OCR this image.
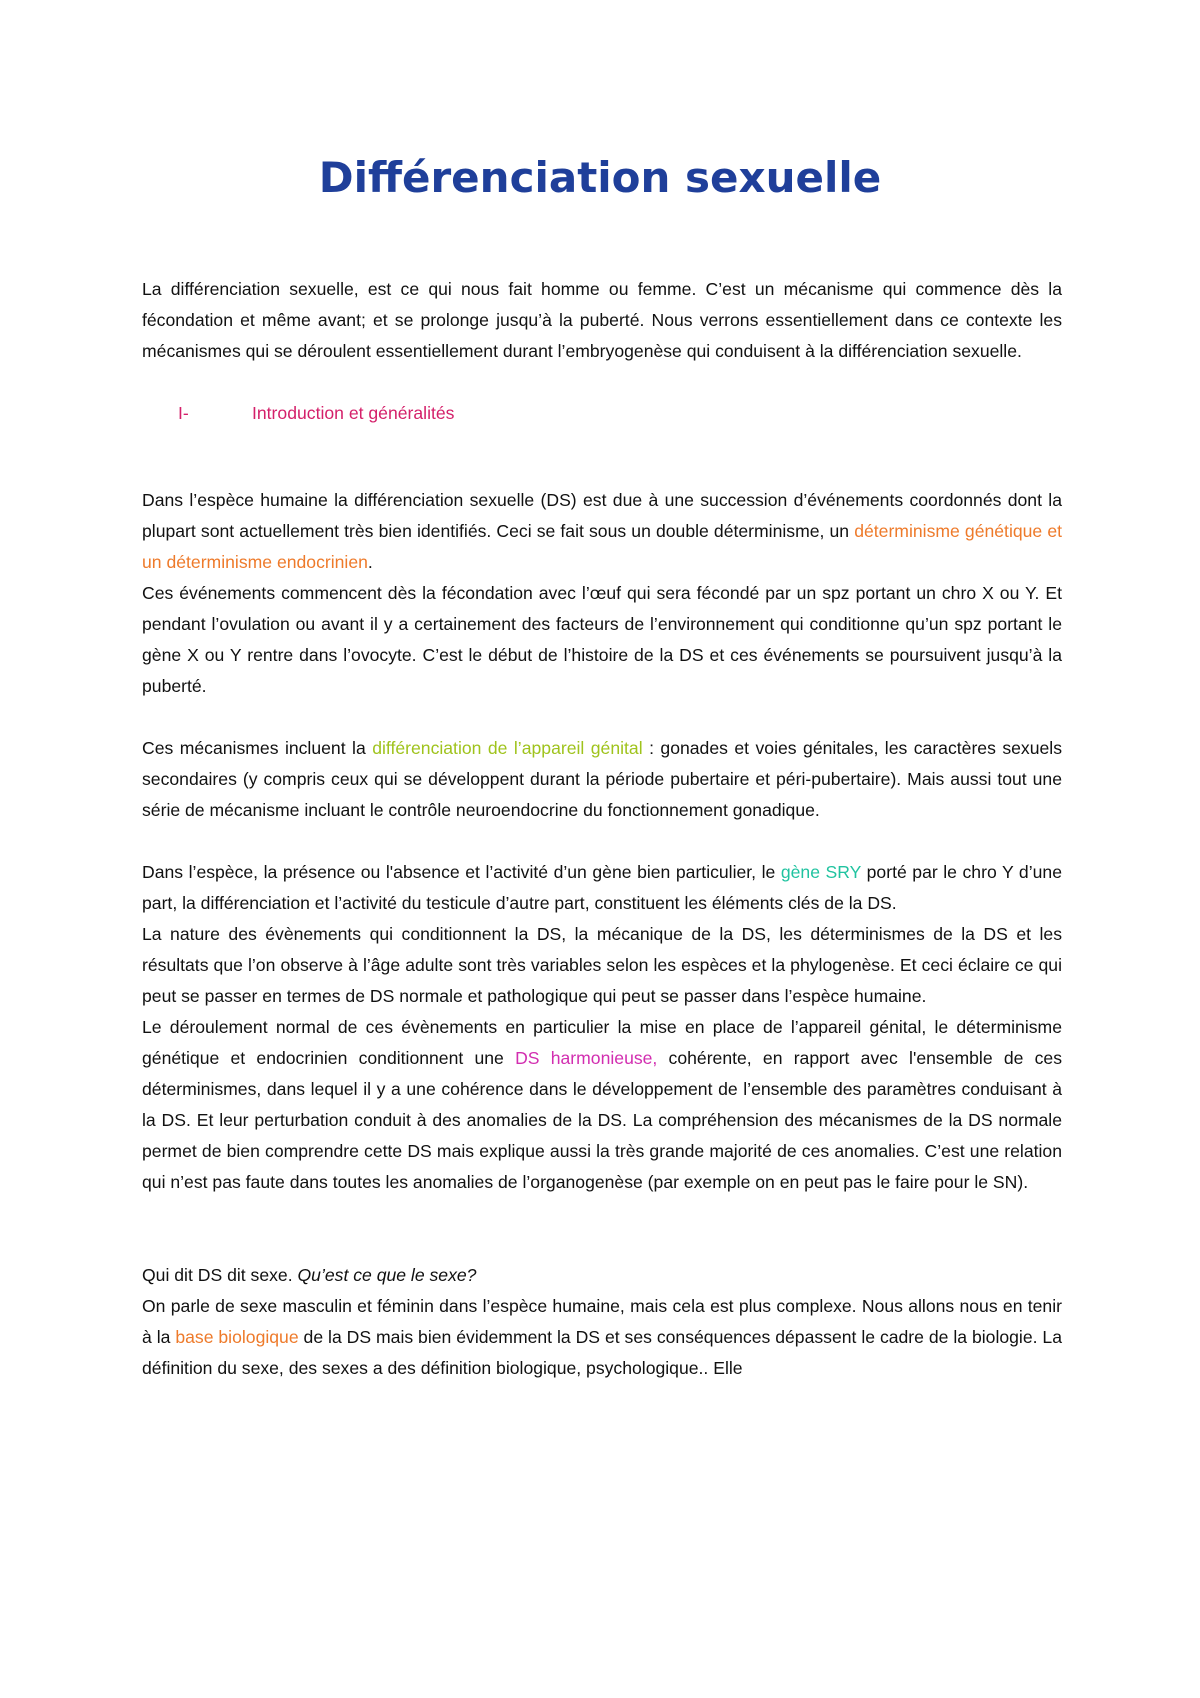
Différenciation sexuelle

La différenciation sexuelle, est ce qui nous fait homme ou femme. C’est un mécanisme qui commence dès la fécondation et même avant; et se prolonge jusqu’à la puberté. Nous verrons essentiellement dans ce contexte les mécanismes qui se déroulent essentiellement durant l’embryogenèse qui conduisent à la différenciation sexuelle.

I-	Introduction et généralités

Dans l’espèce humaine la différenciation sexuelle (DS) est due à une succession d’événements coordonnés dont la plupart sont actuellement très bien identifiés. Ceci se fait sous un double déterminisme, un déterminisme génétique et un déterminisme endocrinien.

Ces événements commencent dès la fécondation avec l’œuf qui sera fécondé par un spz portant un chro X ou Y. Et pendant l’ovulation ou avant il y a certainement des facteurs de l’environnement qui conditionne qu’un spz portant le gène X ou Y rentre dans l’ovocyte. C’est le début de l’histoire de la DS et ces événements se poursuivent jusqu’à la puberté.

Ces mécanismes incluent la différenciation de l’appareil génital : gonades et voies génitales, les caractères sexuels secondaires (y compris ceux qui se développent durant la période pubertaire et péri-pubertaire). Mais aussi tout une série de mécanisme incluant le contrôle neuroendocrine du fonctionnement gonadique.

Dans l’espèce, la présence ou l'absence et l’activité d’un gène bien particulier, le gène SRY porté par le chro Y d’une part, la différenciation et l’activité du testicule d’autre part, constituent les éléments clés de la DS.

La nature des évènements qui conditionnent la DS, la mécanique de la DS, les déterminismes de la DS et les résultats que l’on observe à l’âge adulte sont très variables selon les espèces et la phylogenèse. Et ceci éclaire ce qui peut se passer en termes de DS normale et pathologique qui peut se passer dans l’espèce humaine.

Le déroulement normal de ces évènements en particulier la mise en place de l’appareil génital, le déterminisme génétique et endocrinien conditionnent une DS harmonieuse, cohérente, en rapport avec l'ensemble de ces déterminismes, dans lequel il y a une cohérence dans le développement de l’ensemble des paramètres conduisant à la DS. Et leur perturbation conduit à des anomalies de la DS. La compréhension des mécanismes de la DS normale permet de bien comprendre cette DS mais explique aussi la très grande majorité de ces anomalies. C’est une relation qui n’est pas faute dans toutes les anomalies de l’organogenèse (par exemple on en peut pas le faire pour le SN).

Qui dit DS dit sexe. Qu’est ce que le sexe?

On parle de sexe masculin et féminin dans l’espèce humaine, mais cela est plus complexe. Nous allons nous en tenir à la base biologique de la DS mais bien évidemment la DS et ses conséquences dépassent le cadre de la biologie. La définition du sexe, des sexes a des définition biologique, psychologique.. Elle
